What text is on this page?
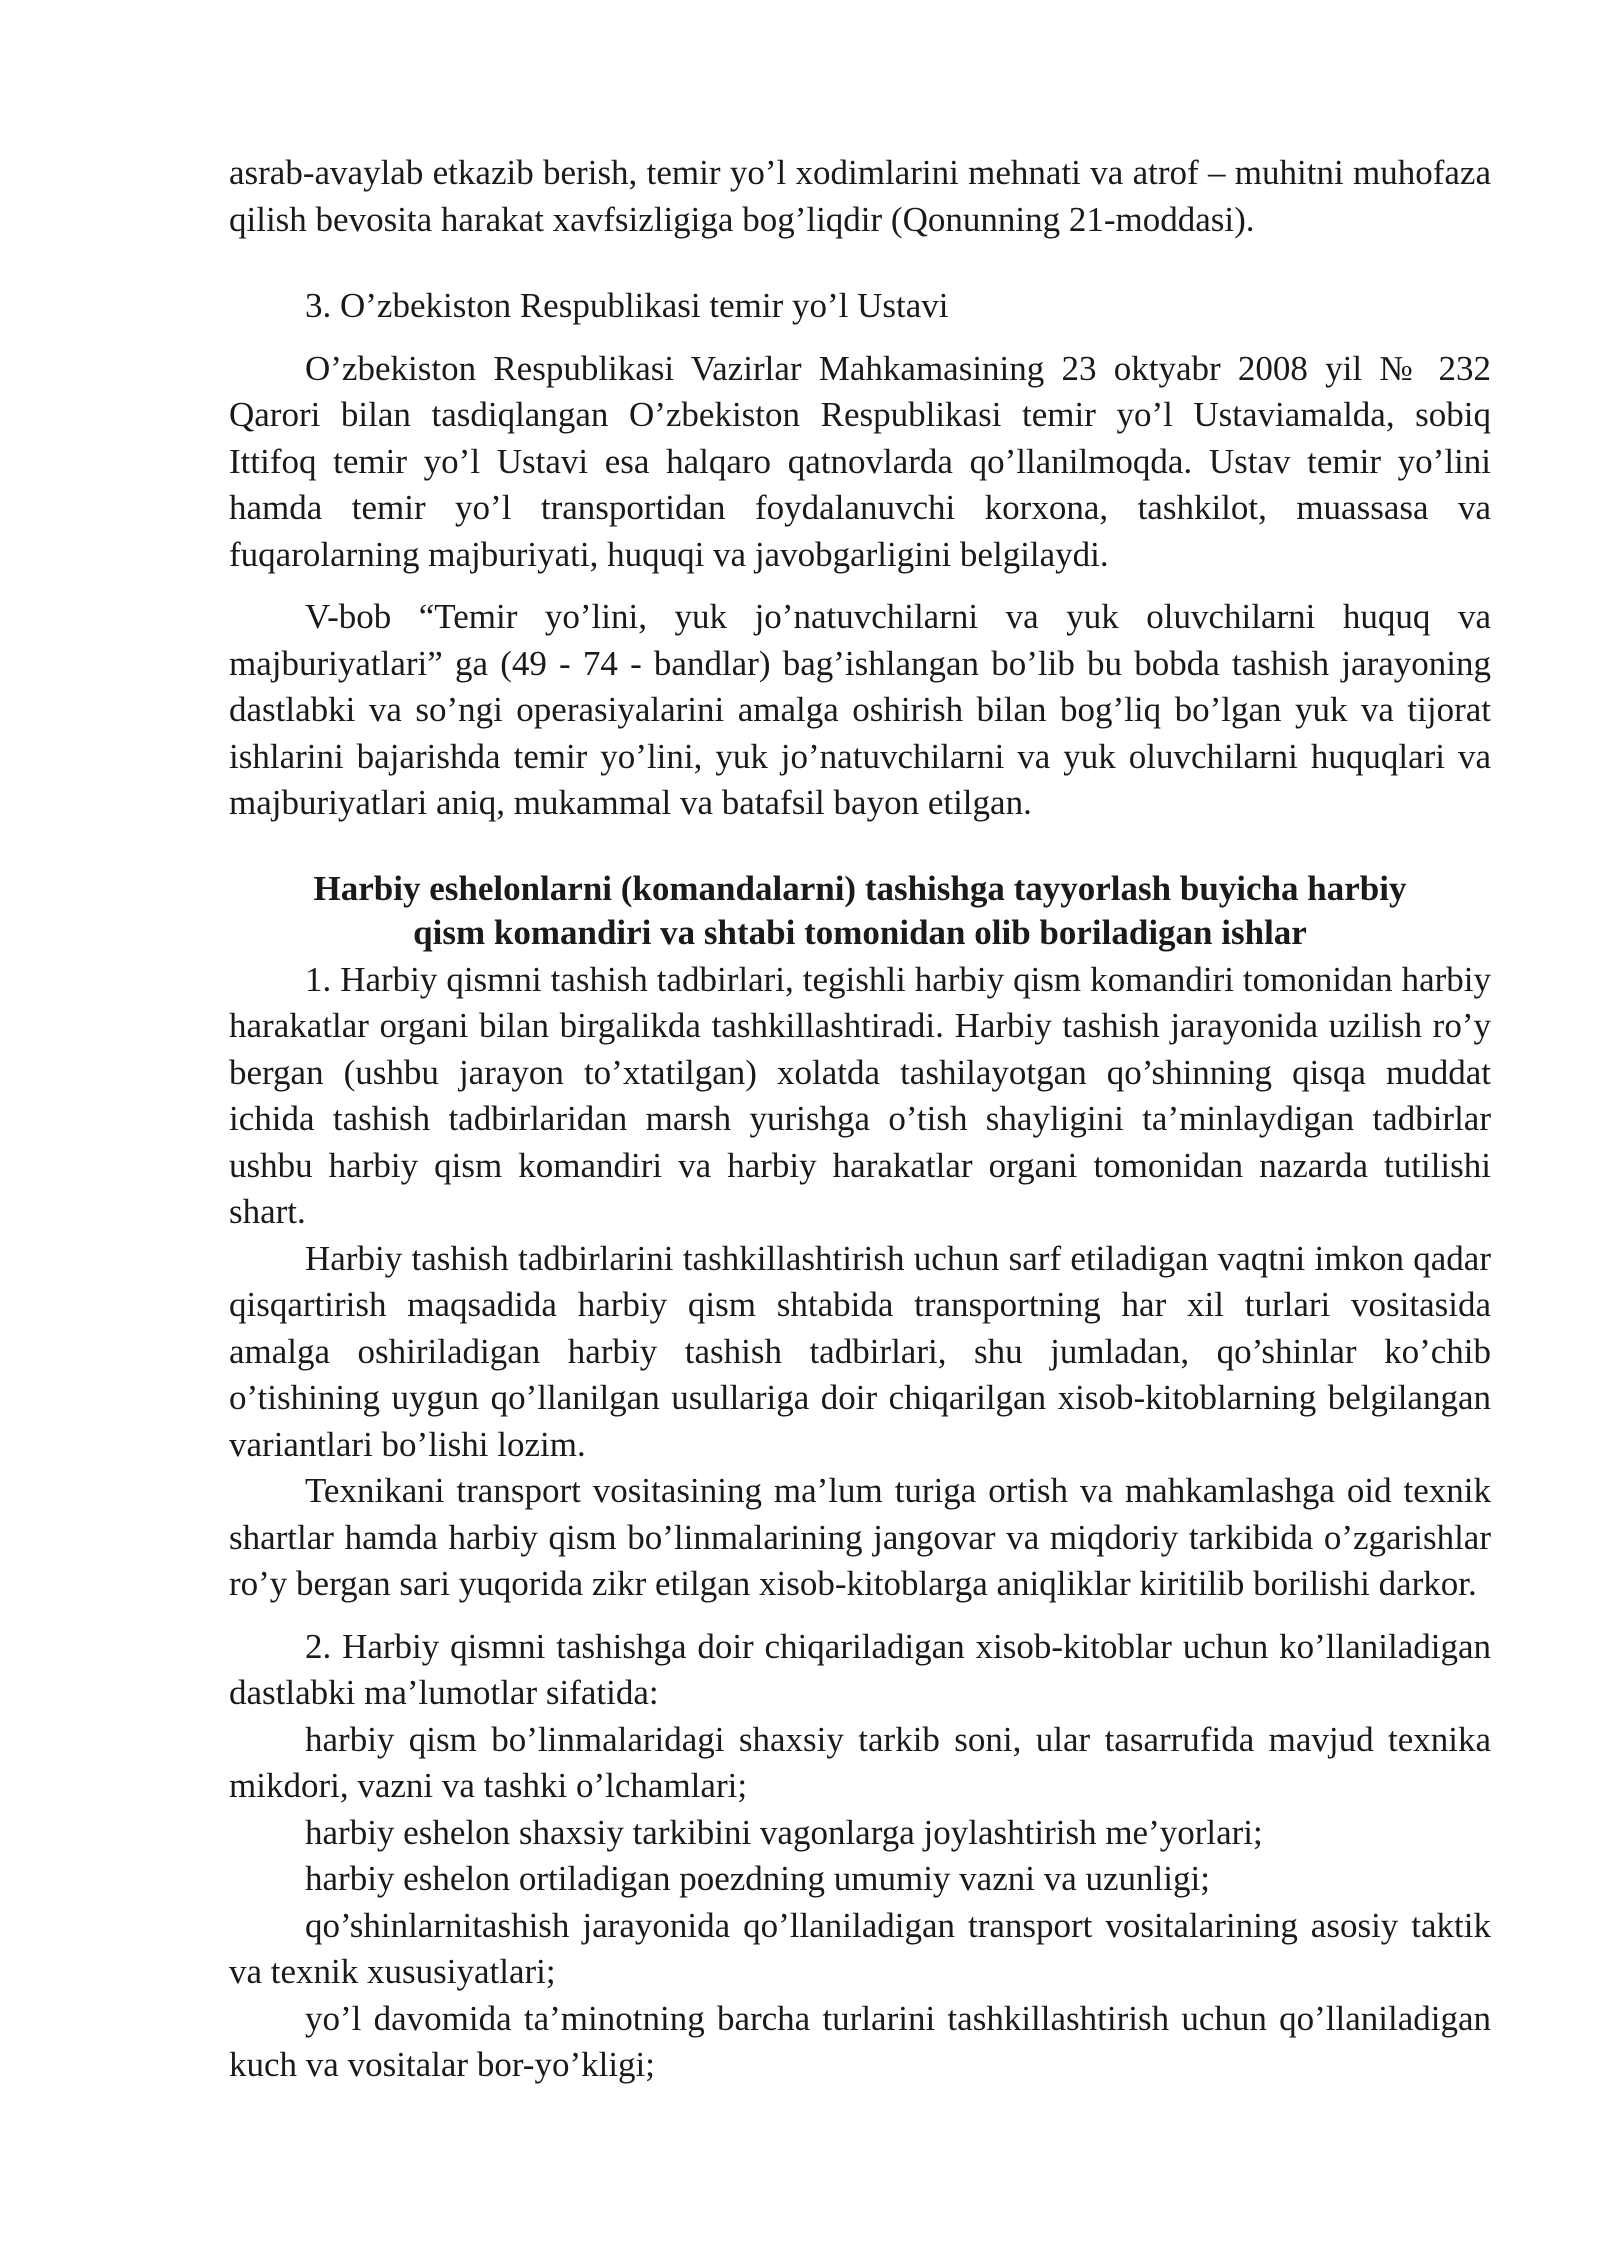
asrab-avaylab etkazib berish, temir yo’l xodimlarini mehnati va atrof – muhitni muhofaza qilish bevosita harakat xavfsizligiga bog’liqdir (Qonunning 21-moddasi).

3. O’zbekiston Respublikasi temir yo’l Ustavi

O’zbekiston Respublikasi Vazirlar Mahkamasining 23 oktyabr 2008 yil № 232 Qarori bilan tasdiqlangan O’zbekiston Respublikasi temir yo’l Ustaviamalda, sobiq Ittifoq temir yo’l Ustavi esa halqaro qatnovlarda qo’llanilmoqda. Ustav temir yo’lini hamda temir yo’l transportidan foydalanuvchi korxona, tashkilot, muassasa va fuqarolarning majburiyati, huquqi va javobgarligini belgilaydi.

V-bob “Temir yo’lini, yuk jo’natuvchilarni va yuk oluvchilarni huquq va majburiyatlari” ga (49 - 74 - bandlar) bag’ishlangan bo’lib bu bobda tashish jarayoning dastlabki va so’ngi operasiyalarini amalga oshirish bilan bog’liq bo’lgan yuk va tijorat ishlarini bajarishda temir yo’lini, yuk jo’natuvchilarni va yuk oluvchilarni huquqlari va majburiyatlari aniq, mukammal va batafsil bayon etilgan.

Harbiy eshelonlarni (komandalarni) tashishga tayyorlash buyicha harbiy
qism komandiri va shtabi tomonidan olib boriladigan ishlar

1. Harbiy qismni tashish tadbirlari, tegishli harbiy qism komandiri tomonidan harbiy harakatlar organi bilan birgalikda tashkillashtiradi. Harbiy tashish jarayonida uzilish ro’y bergan (ushbu jarayon to’xtatilgan) xolatda tashilayotgan qo’shinning qisqa muddat ichida tashish tadbirlaridan marsh yurishga o’tish shayligini ta’minlaydigan tadbirlar ushbu harbiy qism komandiri va harbiy harakatlar organi tomonidan nazarda tutilishi shart.

Harbiy tashish tadbirlarini tashkillashtirish uchun sarf etiladigan vaqtni imkon qadar qisqartirish maqsadida harbiy qism shtabida transportning har xil turlari vositasida amalga oshiriladigan harbiy tashish tadbirlari, shu jumladan, qo’shinlar ko’chib o’tishining uygun qo’llanilgan usullariga doir chiqarilgan xisob-kitoblarning belgilangan variantlari bo’lishi lozim.

Texnikani transport vositasining ma’lum turiga ortish va mahkamlashga oid texnik shartlar hamda harbiy qism bo’linmalarining jangovar va miqdoriy tarkibida o’zgarishlar ro’y bergan sari yuqorida zikr etilgan xisob-kitoblarga aniqliklar kiritilib borilishi darkor.

2. Harbiy qismni tashishga doir chiqariladigan xisob-kitoblar uchun ko’llaniladigan dastlabki ma’lumotlar sifatida:

harbiy qism bo’linmalaridagi shaxsiy tarkib soni, ular tasarrufida mavjud texnika mikdori, vazni va tashki o’lchamlari;

harbiy eshelon shaxsiy tarkibini vagonlarga joylashtirish me’yorlari;

harbiy eshelon ortiladigan poezdning umumiy vazni va uzunligi;

qo’shinlarnitashish jarayonida qo’llaniladigan transport vositalarining asosiy taktik va texnik xususiyatlari;

yo’l davomida ta’minotning barcha turlarini tashkillashtirish uchun qo’llaniladigan kuch va vositalar bor-yo’kligi;
